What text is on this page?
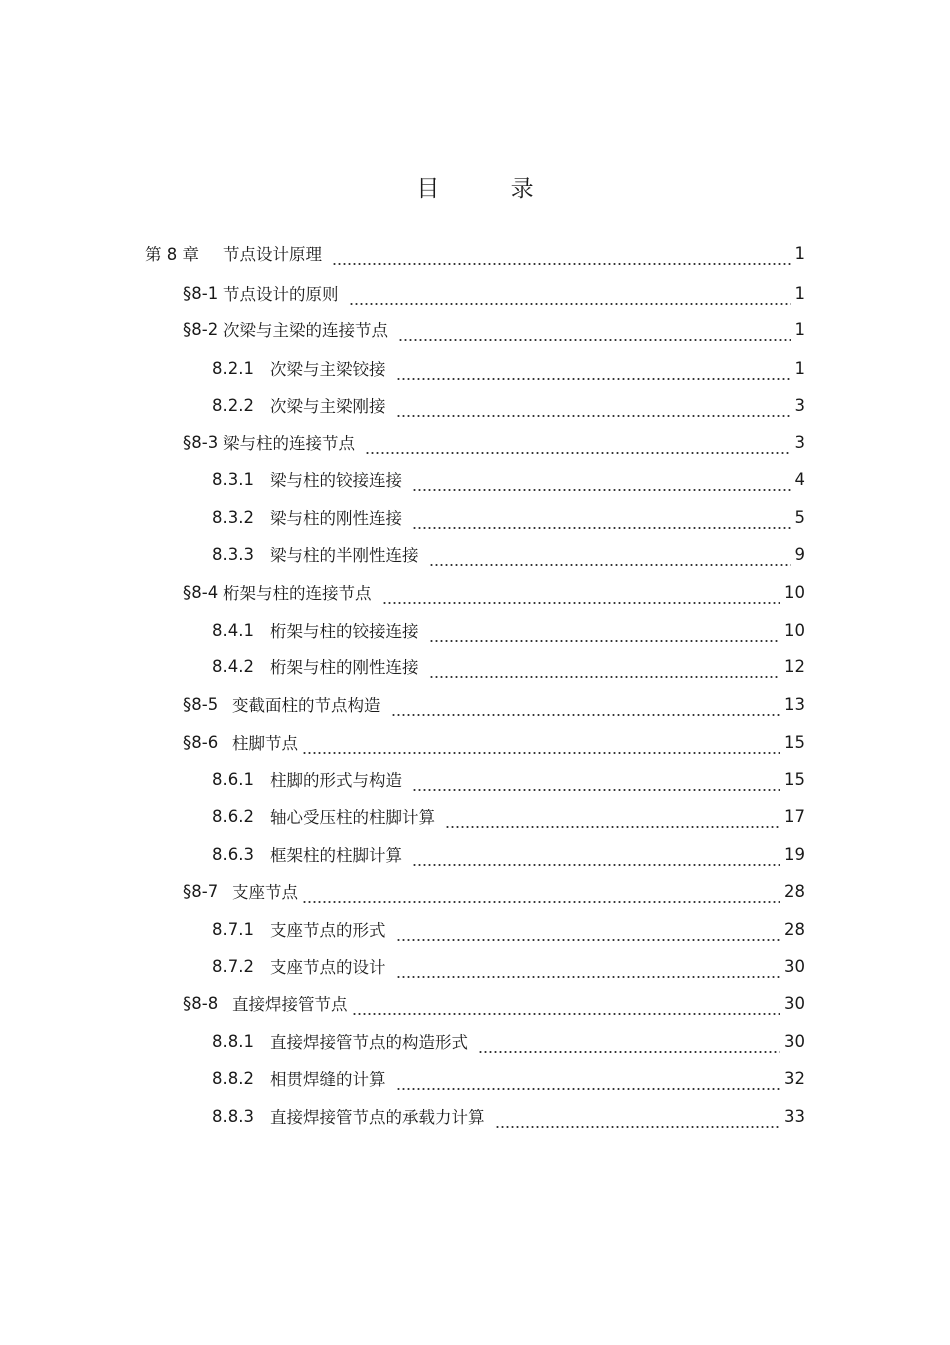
目 录
第 8 章	节点设计原理	1
§8-1 节点设计的原则	1
§8-2 次梁与主梁的连接节点	1
8.2.1 次梁与主梁铰接	1
8.2.2 次梁与主梁刚接	3
§8-3 梁与柱的连接节点	3
8.3.1 梁与柱的铰接连接	4
8.3.2 梁与柱的刚性连接	5
8.3.3 梁与柱的半刚性连接	9
§8-4 桁架与柱的连接节点	10
8.4.1 桁架与柱的铰接连接	10
8.4.2 桁架与柱的刚性连接	12
§8-5 变截面柱的节点构造	13
§8-6 柱脚节点	15
8.6.1 柱脚的形式与构造	15
8.6.2 轴心受压柱的柱脚计算	17
8.6.3 框架柱的柱脚计算	19
§8-7 支座节点	28
8.7.1 支座节点的形式	28
8.7.2 支座节点的设计	30
§8-8 直接焊接管节点	30
8.8.1 直接焊接管节点的构造形式	30
8.8.2 相贯焊缝的计算	32
8.8.3 直接焊接管节点的承载力计算	33
